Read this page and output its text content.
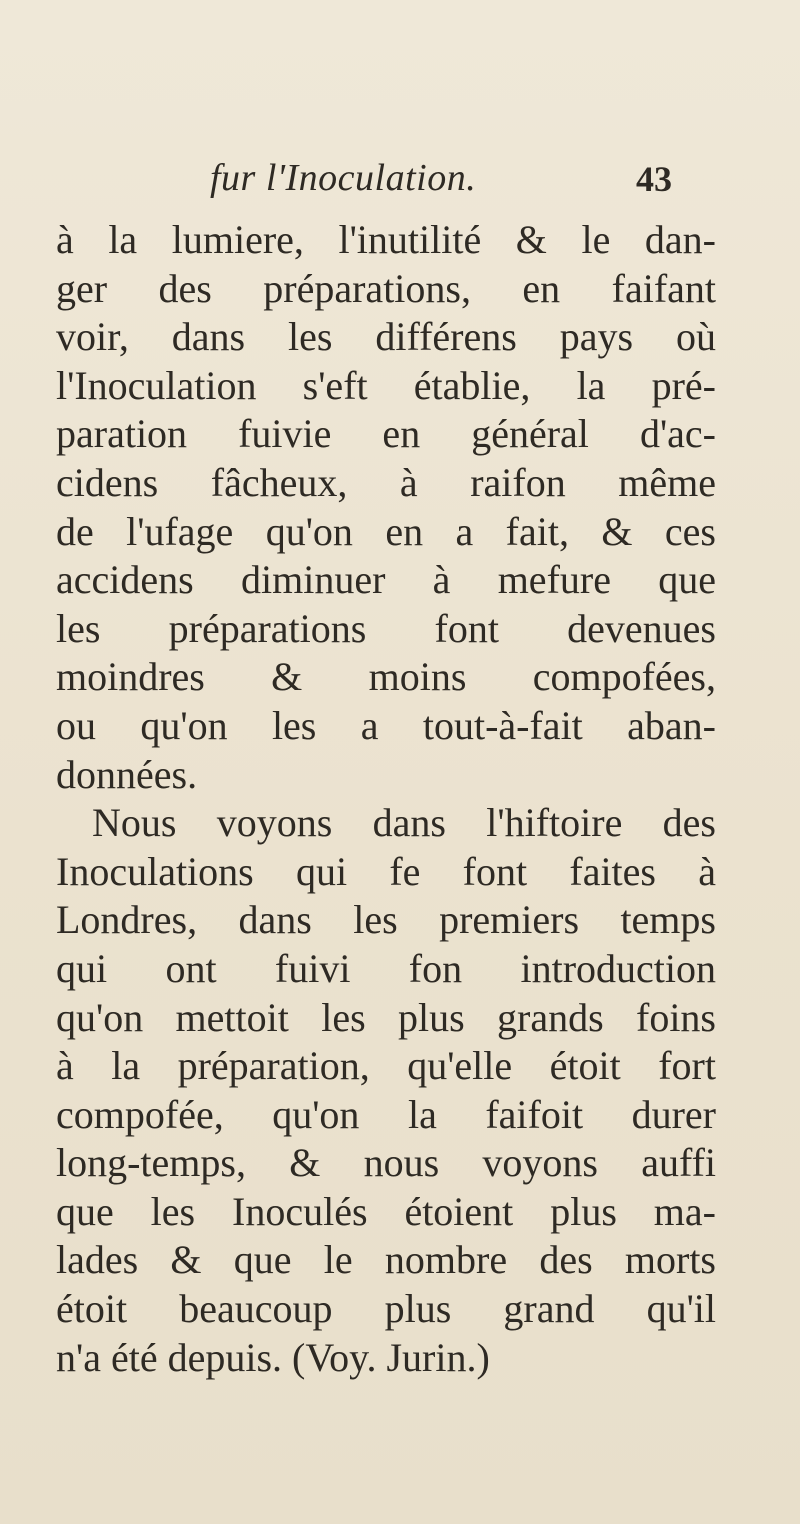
fur l'Inoculation.	43
à la lumiere, l'inutilité & le dan-
ger des préparations, en faifant
voir, dans les différens pays où
l'Inoculation s'eft établie, la pré-
paration fuivie en général d'ac-
cidens fâcheux, à raifon même
de l'ufage qu'on en a fait, & ces
accidens diminuer à mefure que
les préparations font devenues
moindres & moins compofées,
ou qu'on les a tout-à-fait aban-
données.
Nous voyons dans l'hiftoire des
Inoculations qui fe font faites à
Londres, dans les premiers temps
qui ont fuivi fon introduction
qu'on mettoit les plus grands foins
à la préparation, qu'elle étoit fort
compofée, qu'on la faifoit durer
long-temps, & nous voyons auffi
que les Inoculés étoient plus ma-
lades & que le nombre des morts
étoit beaucoup plus grand qu'il
n'a été depuis. (Voy. Jurin.)
